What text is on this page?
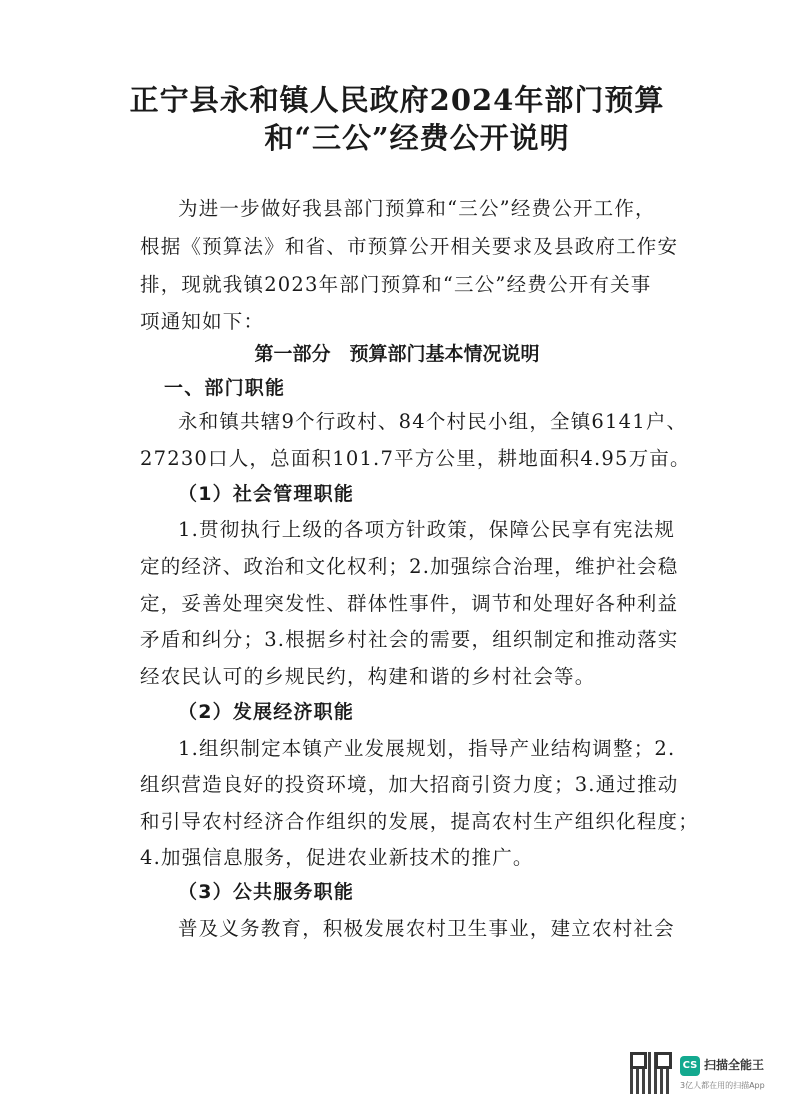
正宁县永和镇人民政府2024年部门预算
和“三公”经费公开说明

为进一步做好我县部门预算和“三公”经费公开工作，

根据《预算法》和省、市预算公开相关要求及县政府工作安

排，现就我镇2023年部门预算和“三公”经费公开有关事

项通知如下：

第一部分　预算部门基本情况说明

一、部门职能

永和镇共辖9个行政村、84个村民小组，全镇6141户、

27230口人，总面积101.7平方公里，耕地面积4.95万亩。

（1）社会管理职能

1.贯彻执行上级的各项方针政策，保障公民享有宪法规

定的经济、政治和文化权利；2.加强综合治理，维护社会稳

定，妥善处理突发性、群体性事件，调节和处理好各种利益

矛盾和纠分；3.根据乡村社会的需要，组织制定和推动落实

经农民认可的乡规民约，构建和谐的乡村社会等。

（2）发展经济职能

1.组织制定本镇产业发展规划，指导产业结构调整；2.

组织营造良好的投资环境，加大招商引资力度；3.通过推动

和引导农村经济合作组织的发展，提高农村生产组织化程度；

4.加强信息服务，促进农业新技术的推广。

（3）公共服务职能

普及义务教育，积极发展农村卫生事业，建立农村社会

CS 扫描全能王
3亿人都在用的扫描App
